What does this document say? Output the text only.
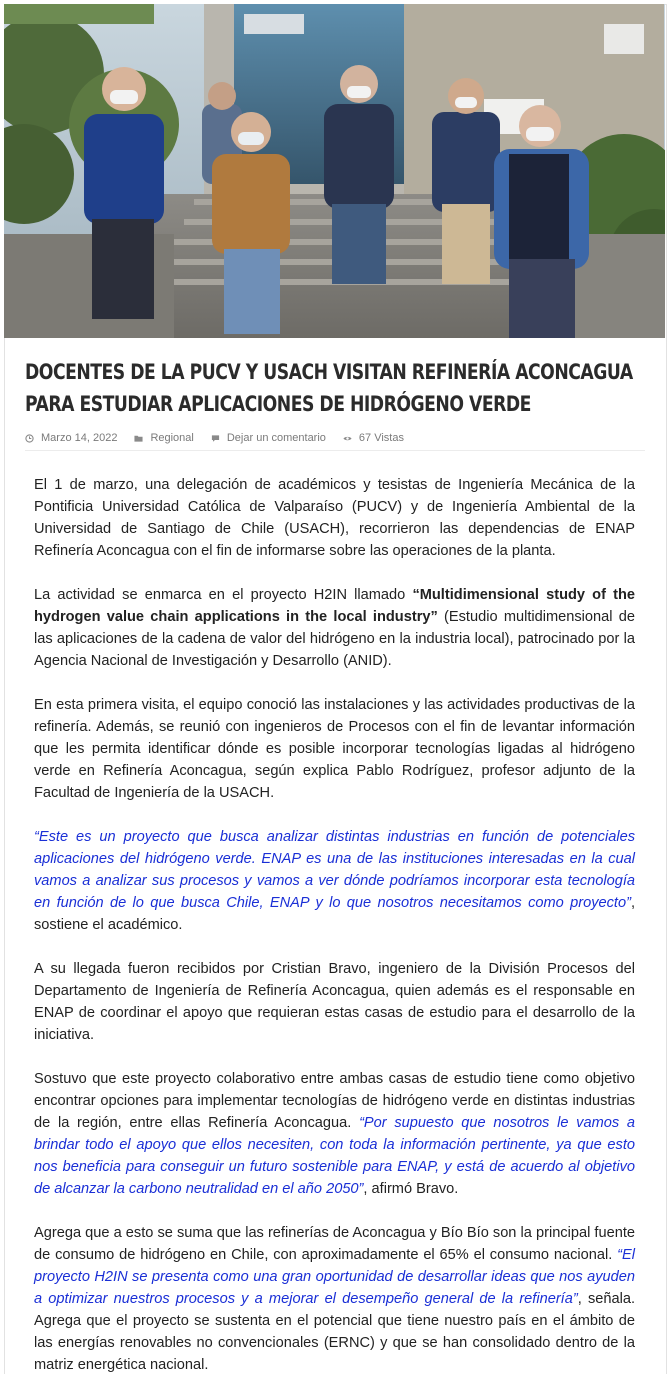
DOCENTES DE LA PUCV Y USACH VISITAN REFINERÍA ACONCAGUA PARA ESTUDIAR APLICACIONES DE HIDRÓGENO VERDE
Marzo 14, 2022	Regional	Dejar un comentario	67 Vistas

El 1 de marzo, una delegación de académicos y tesistas de Ingeniería Mecánica de la Pontificia Universidad Católica de Valparaíso (PUCV) y de Ingeniería Ambiental de la Universidad de Santiago de Chile (USACH), recorrieron las dependencias de ENAP Refinería Aconcagua con el fin de informarse sobre las operaciones de la planta.

La actividad se enmarca en el proyecto H2IN llamado “Multidimensional study of the hydrogen value chain applications in the local industry” (Estudio multidimensional de las aplicaciones de la cadena de valor del hidrógeno en la industria local), patrocinado por la Agencia Nacional de Investigación y Desarrollo (ANID).

En esta primera visita, el equipo conoció las instalaciones y las actividades productivas de la refinería. Además, se reunió con ingenieros de Procesos con el fin de levantar información que les permita identificar dónde es posible incorporar tecnologías ligadas al hidrógeno verde en Refinería Aconcagua, según explica Pablo Rodríguez, profesor adjunto de la Facultad de Ingeniería de la USACH.

“Este es un proyecto que busca analizar distintas industrias en función de potenciales aplicaciones del hidrógeno verde. ENAP es una de las instituciones interesadas en la cual vamos a analizar sus procesos y vamos a ver dónde podríamos incorporar esta tecnología en función de lo que busca Chile, ENAP y lo que nosotros necesitamos como proyecto”, sostiene el académico.

A su llegada fueron recibidos por Cristian Bravo, ingeniero de la División Procesos del Departamento de Ingeniería de Refinería Aconcagua, quien además es el responsable en ENAP de coordinar el apoyo que requieran estas casas de estudio para el desarrollo de la iniciativa.

Sostuvo que este proyecto colaborativo entre ambas casas de estudio tiene como objetivo encontrar opciones para implementar tecnologías de hidrógeno verde en distintas industrias de la región, entre ellas Refinería Aconcagua. “Por supuesto que nosotros le vamos a brindar todo el apoyo que ellos necesiten, con toda la información pertinente, ya que esto nos beneficia para conseguir un futuro sostenible para ENAP, y está de acuerdo al objetivo de alcanzar la carbono neutralidad en el año 2050”, afirmó Bravo.

Agrega que a esto se suma que las refinerías de Aconcagua y Bío Bío son la principal fuente de consumo de hidrógeno en Chile, con aproximadamente el 65% el consumo nacional. “El proyecto H2IN se presenta como una gran oportunidad de desarrollar ideas que nos ayuden a optimizar nuestros procesos y a mejorar el desempeño general de la refinería”, señala. Agrega que el proyecto se sustenta en el potencial que tiene nuestro país en el ámbito de las energías renovables no convencionales (ERNC) y que se han consolidado dentro de la matriz energética nacional.
